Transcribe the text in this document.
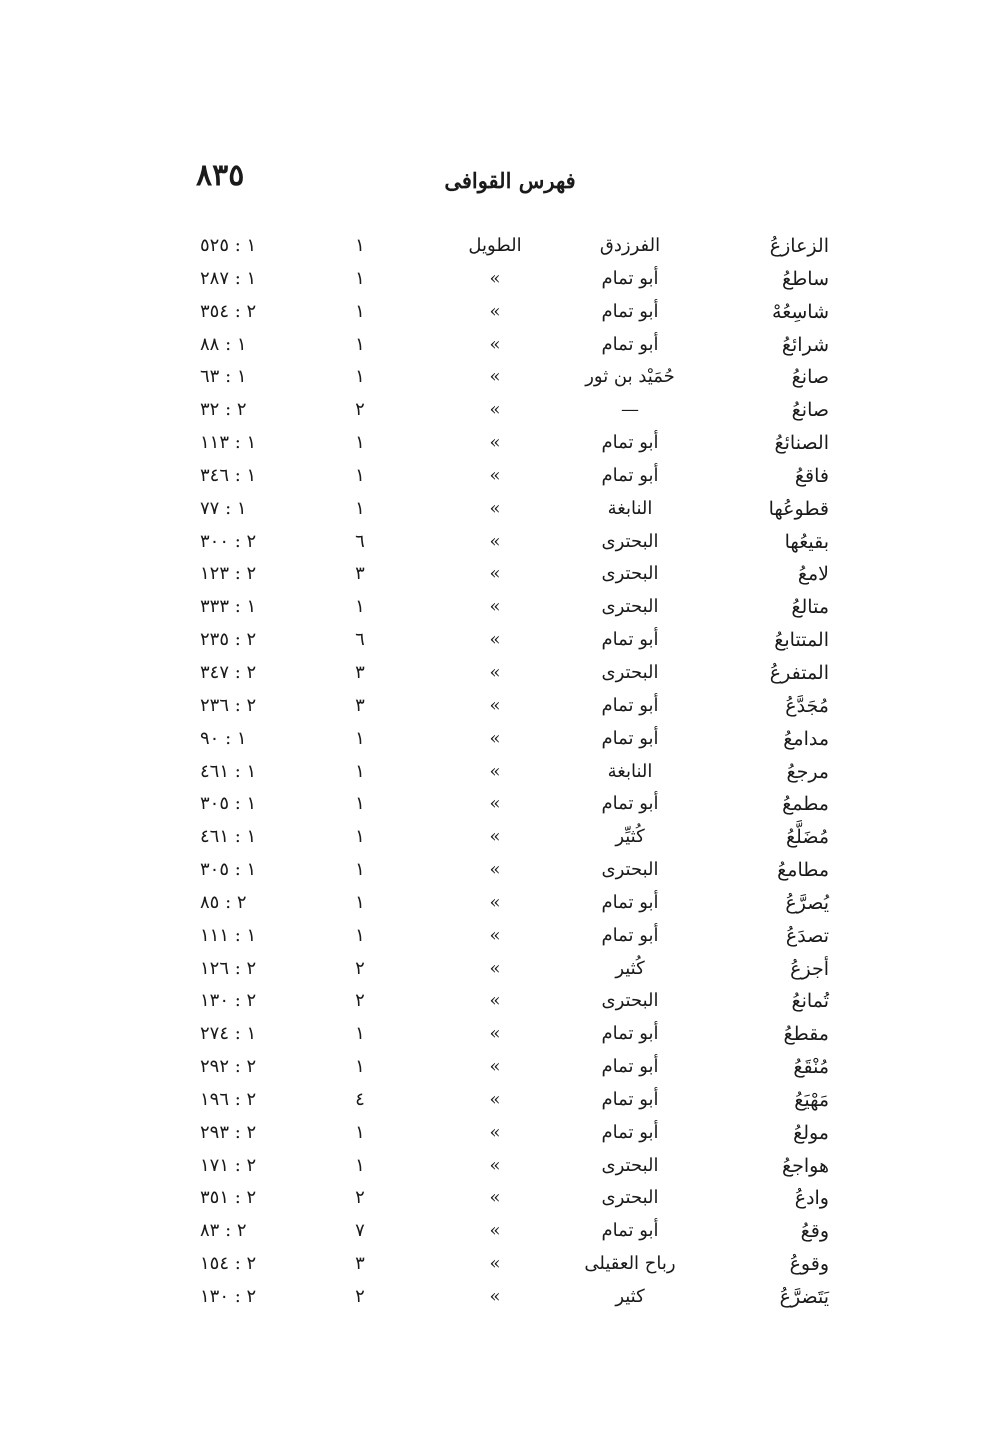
٨٣٥	فهرس القوافى
الزعازعُ
الفرزدق
الطويل
١
١ : ٥٢٥
ساطعُ
أبو تمام
»
١
١ : ٢٨٧
شاسِعُهْ
أبو تمام
»
١
٢ : ٣٥٤
شرائعُ
أبو تمام
»
١
١ : ٨٨
صانعُ
حُمَيْد بن ثور
»
١
١ : ٦٣
صانعُ
—
»
٢
٢ : ٣٢
الصنائعُ
أبو تمام
»
١
١ : ١١٣
فاقعُ
أبو تمام
»
١
١ : ٣٤٦
قطوعُها
النابغة
»
١
١ : ٧٧
بقيعُها
البحترى
»
٦
٢ : ٣٠٠
لامعُ
البحترى
»
٣
٢ : ١٢٣
متالعُ
البحترى
»
١
١ : ٣٣٣
المتتابعُ
أبو تمام
»
٦
٢ : ٢٣٥
المتفرعُ
البحترى
»
٣
٢ : ٣٤٧
مُجَدَّعُ
أبو تمام
»
٣
٢ : ٢٣٦
مدامعُ
أبو تمام
»
١
١ : ٩٠
مرجعُ
النابغة
»
١
١ : ٤٦١
مطمعُ
أبو تمام
»
١
١ : ٣٠٥
مُضَلَّعُ
كُثيِّر
»
١
١ : ٤٦١
مطامعُ
البحترى
»
١
١ : ٣٠٥
يُصرَّعُ
أبو تمام
»
١
٢ : ٨٥
تصدَعُ
أبو تمام
»
١
١ : ١١١
أجزعُ
كُثير
»
٢
٢ : ١٢٦
تُمانعُ
البحترى
»
٢
٢ : ١٣٠
مقطعُ
أبو تمام
»
١
١ : ٢٧٤
مُنْقَعُ
أبو تمام
»
١
٢ : ٢٩٢
مَهْيَعُ
أبو تمام
»
٤
٢ : ١٩٦
مولعُ
أبو تمام
»
١
٢ : ٢٩٣
هواجعُ
البحترى
»
١
٢ : ١٧١
وادعُ
البحترى
»
٢
٢ : ٣٥١
وقعُ
أبو تمام
»
٧
٢ : ٨٣
وقوعُ
رباح العقيلى
»
٣
٢ : ١٥٤
يَتَضرَّعُ
كثير
»
٢
٢ : ١٣٠
